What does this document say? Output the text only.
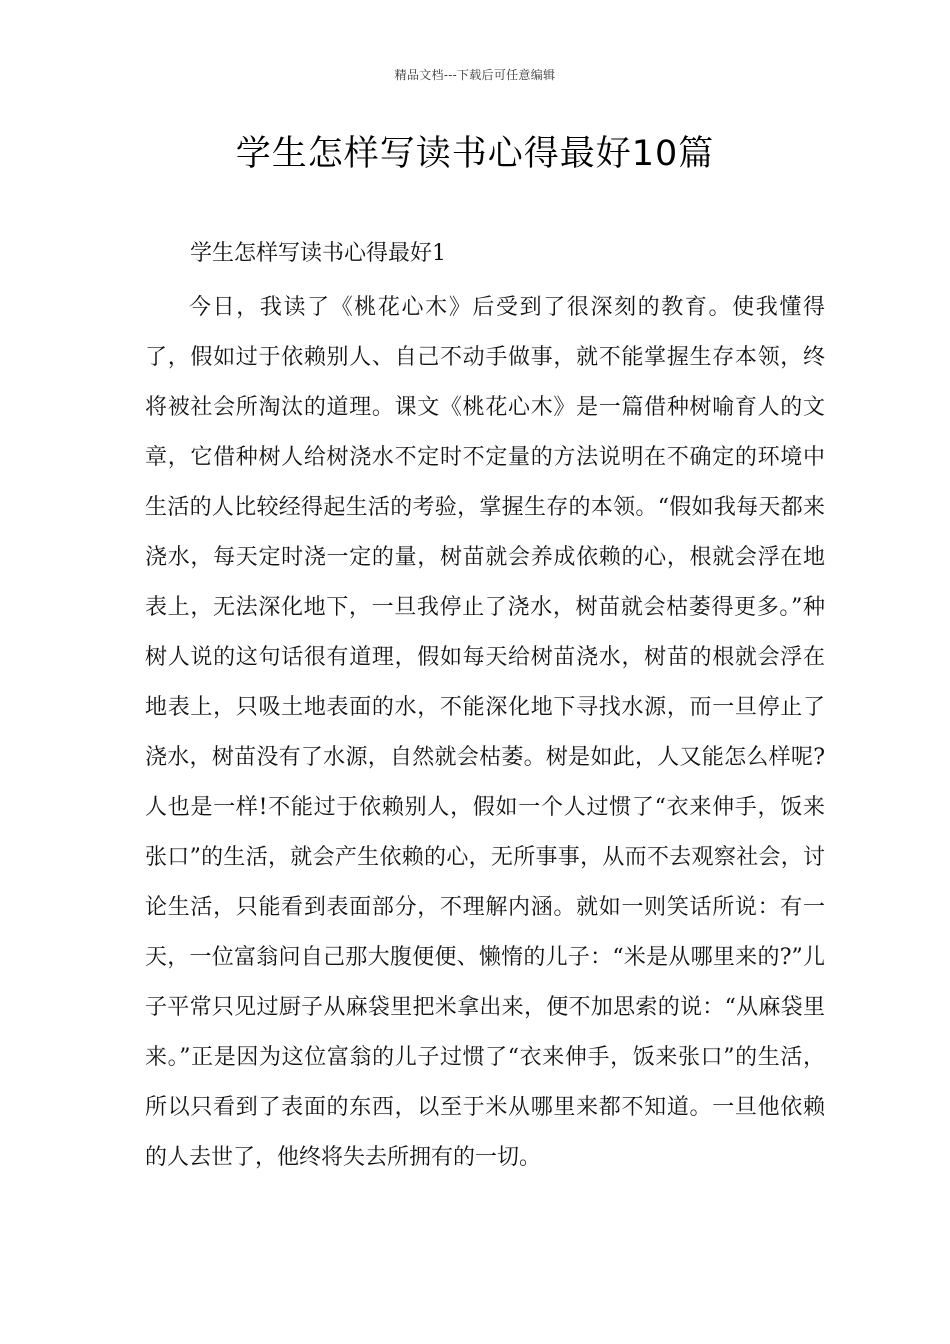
精品文档---下载后可任意编辑
学生怎样写读书心得最好10篇
学生怎样写读书心得最好1

今日，我读了《桃花心木》后受到了很深刻的教育。使我懂得了，假如过于依赖别人、自己不动手做事，就不能掌握生存本领，终将被社会所淘汰的道理。课文《桃花心木》是一篇借种树喻育人的文章，它借种树人给树浇水不定时不定量的方法说明在不确定的环境中生活的人比较经得起生活的考验，掌握生存的本领。“假如我每天都来浇水，每天定时浇一定的量，树苗就会养成依赖的心，根就会浮在地表上，无法深化地下，一旦我停止了浇水，树苗就会枯萎得更多。”种树人说的这句话很有道理，假如每天给树苗浇水，树苗的根就会浮在地表上，只吸土地表面的水，不能深化地下寻找水源，而一旦停止了浇水，树苗没有了水源，自然就会枯萎。树是如此，人又能怎么样呢?人也是一样!不能过于依赖别人，假如一个人过惯了“衣来伸手，饭来张口”的生活，就会产生依赖的心，无所事事，从而不去观察社会，讨论生活，只能看到表面部分，不理解内涵。就如一则笑话所说：有一天，一位富翁问自己那大腹便便、懒惰的儿子：“米是从哪里来的?”儿子平常只见过厨子从麻袋里把米拿出来，便不加思索的说：“从麻袋里来。”正是因为这位富翁的儿子过惯了“衣来伸手，饭来张口”的生活，所以只看到了表面的东西，以至于米从哪里来都不知道。一旦他依赖的人去世了，他终将失去所拥有的一切。
